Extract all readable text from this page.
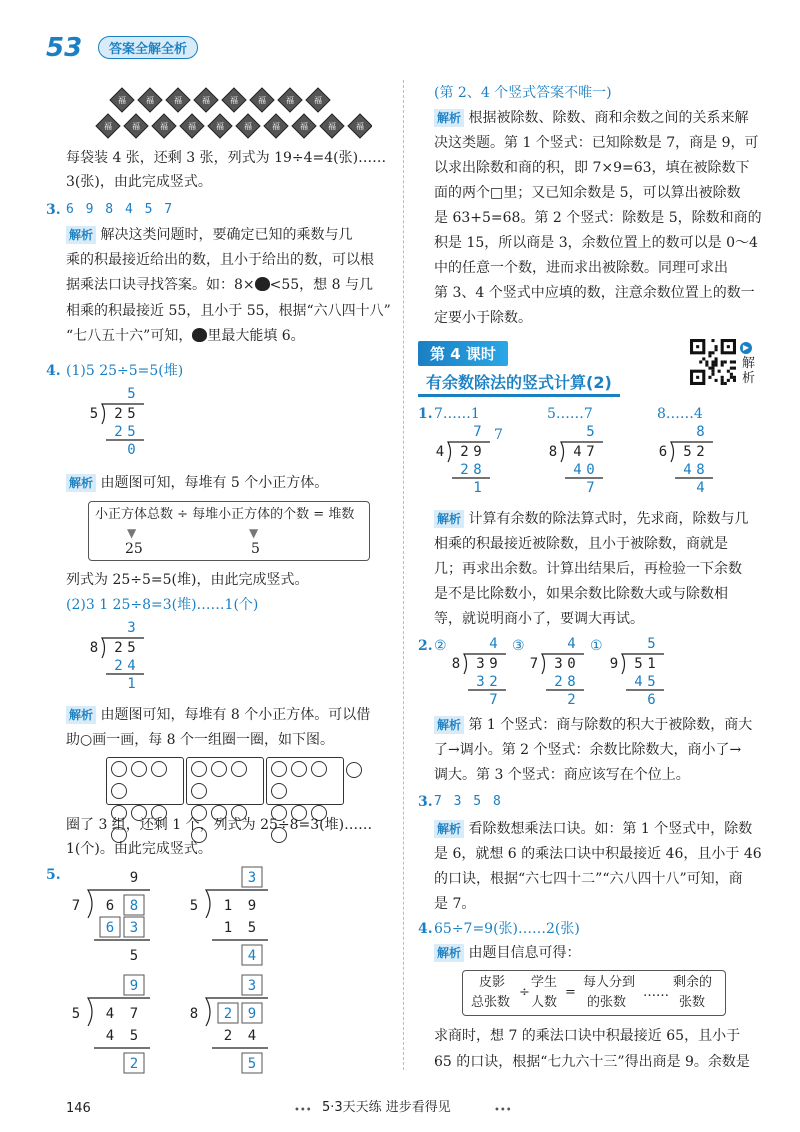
53	答案全解全析
福	福	福	福	福	福	福	福
福	福	福	福	福	福	福	福	福	福
每袋装 4 张，还剩 3 张，列式为 19÷4=4(张)……
3(张)，由此完成竖式。
3. 6 9 8 4 5 7
解析 解决这类问题时，要确定已知的乘数与几
乘的积最接近给出的数，且小于给出的数，可以根
据乘法口诀寻找答案。如：8× <55，想 8 与几
相乘的积最接近 55，且小于 55，根据“六八四十八”
“七八五十六”可知， 里最大能填 6。
4. (1)5 25÷5=5(堆)
5
5 2 5
2 5
0
解析 由题图可知，每堆有 5 个小正方体。
小正方体总数 ÷ 每堆小正方体的个数 = 堆数
▼	▼
25	5
列式为 25÷5=5(堆)，由此完成竖式。
(2)3 1 25÷8=3(堆)……1(个)
3
8 2 5
2 4
1
解析 由题图可知，每堆有 8 个小正方体。可以借
助○画一画，每 8 个一组圈一圈，如下图。

圈了 3 组，还剩 1 个，列式为 25÷8=3(堆)……
1(个)。由此完成竖式。
5.	9
7 6 8
6 3
5
3
5 1 9
1 5
4
9
5 4 7
4 5
2
3
8 2 9
2 4
5
(第 2、4 个竖式答案不唯一)
解析 根据被除数、除数、商和余数之间的关系来解
决这类题。第 1 个竖式：已知除数是 7，商是 9，可
以求出除数和商的积，即 7×9=63，填在被除数下
面的两个□里；又已知余数是 5，可以算出被除数
是 63+5=68。第 2 个竖式：除数是 5，除数和商的
积是 15，所以商是 3，余数位置上的数可以是 0～4
中的任意一个数，进而求出被除数。同理可求出
第 3、4 个竖式中应填的数，注意余数位置上的数一
定要小于除数。
第 4 课时
有余数除法的竖式计算(2)
▶
解析
1. 7……1	5……7	8……4
7
7
4 2 9
2 8
1
5
8 4 7
4 0
7
8
6 5 2
4 8
4
解析 计算有余数的除法算式时，先求商，除数与几
相乘的积最接近被除数，且小于被除数，商就是
几；再求出余数。计算出结果后，再检验一下余数
是不是比除数小，如果余数比除数大或与除数相
等，就说明商小了，要调大再试。
2. ②	③	①
4
8 3 9
3 2
7
4
7 3 0
2 8
2
5
9 5 1
4 5
6
解析 第 1 个竖式：商与除数的积大于被除数，商大
了→调小。第 2 个竖式：余数比除数大，商小了→
调大。第 3 个竖式：商应该写在个位上。
3. 7 3 5 8
解析 看除数想乘法口诀。如：第 1 个竖式中，除数
是 6，就想 6 的乘法口诀中积最接近 46，且小于 46
的口诀，根据“六七四十二”“六八四十八”可知，商
是 7。
4. 65÷7=9(张)……2(张)
解析 由题目信息可得：
皮影
总张数
÷
学生
人数
=
每人分到
的张数
……
剩余的
张数
求商时，想 7 的乘法口诀中积最接近 65，且小于
65 的口诀，根据“七九六十三”得出商是 9。余数是
146	••• 5·3天天练 进步看得见	•••
